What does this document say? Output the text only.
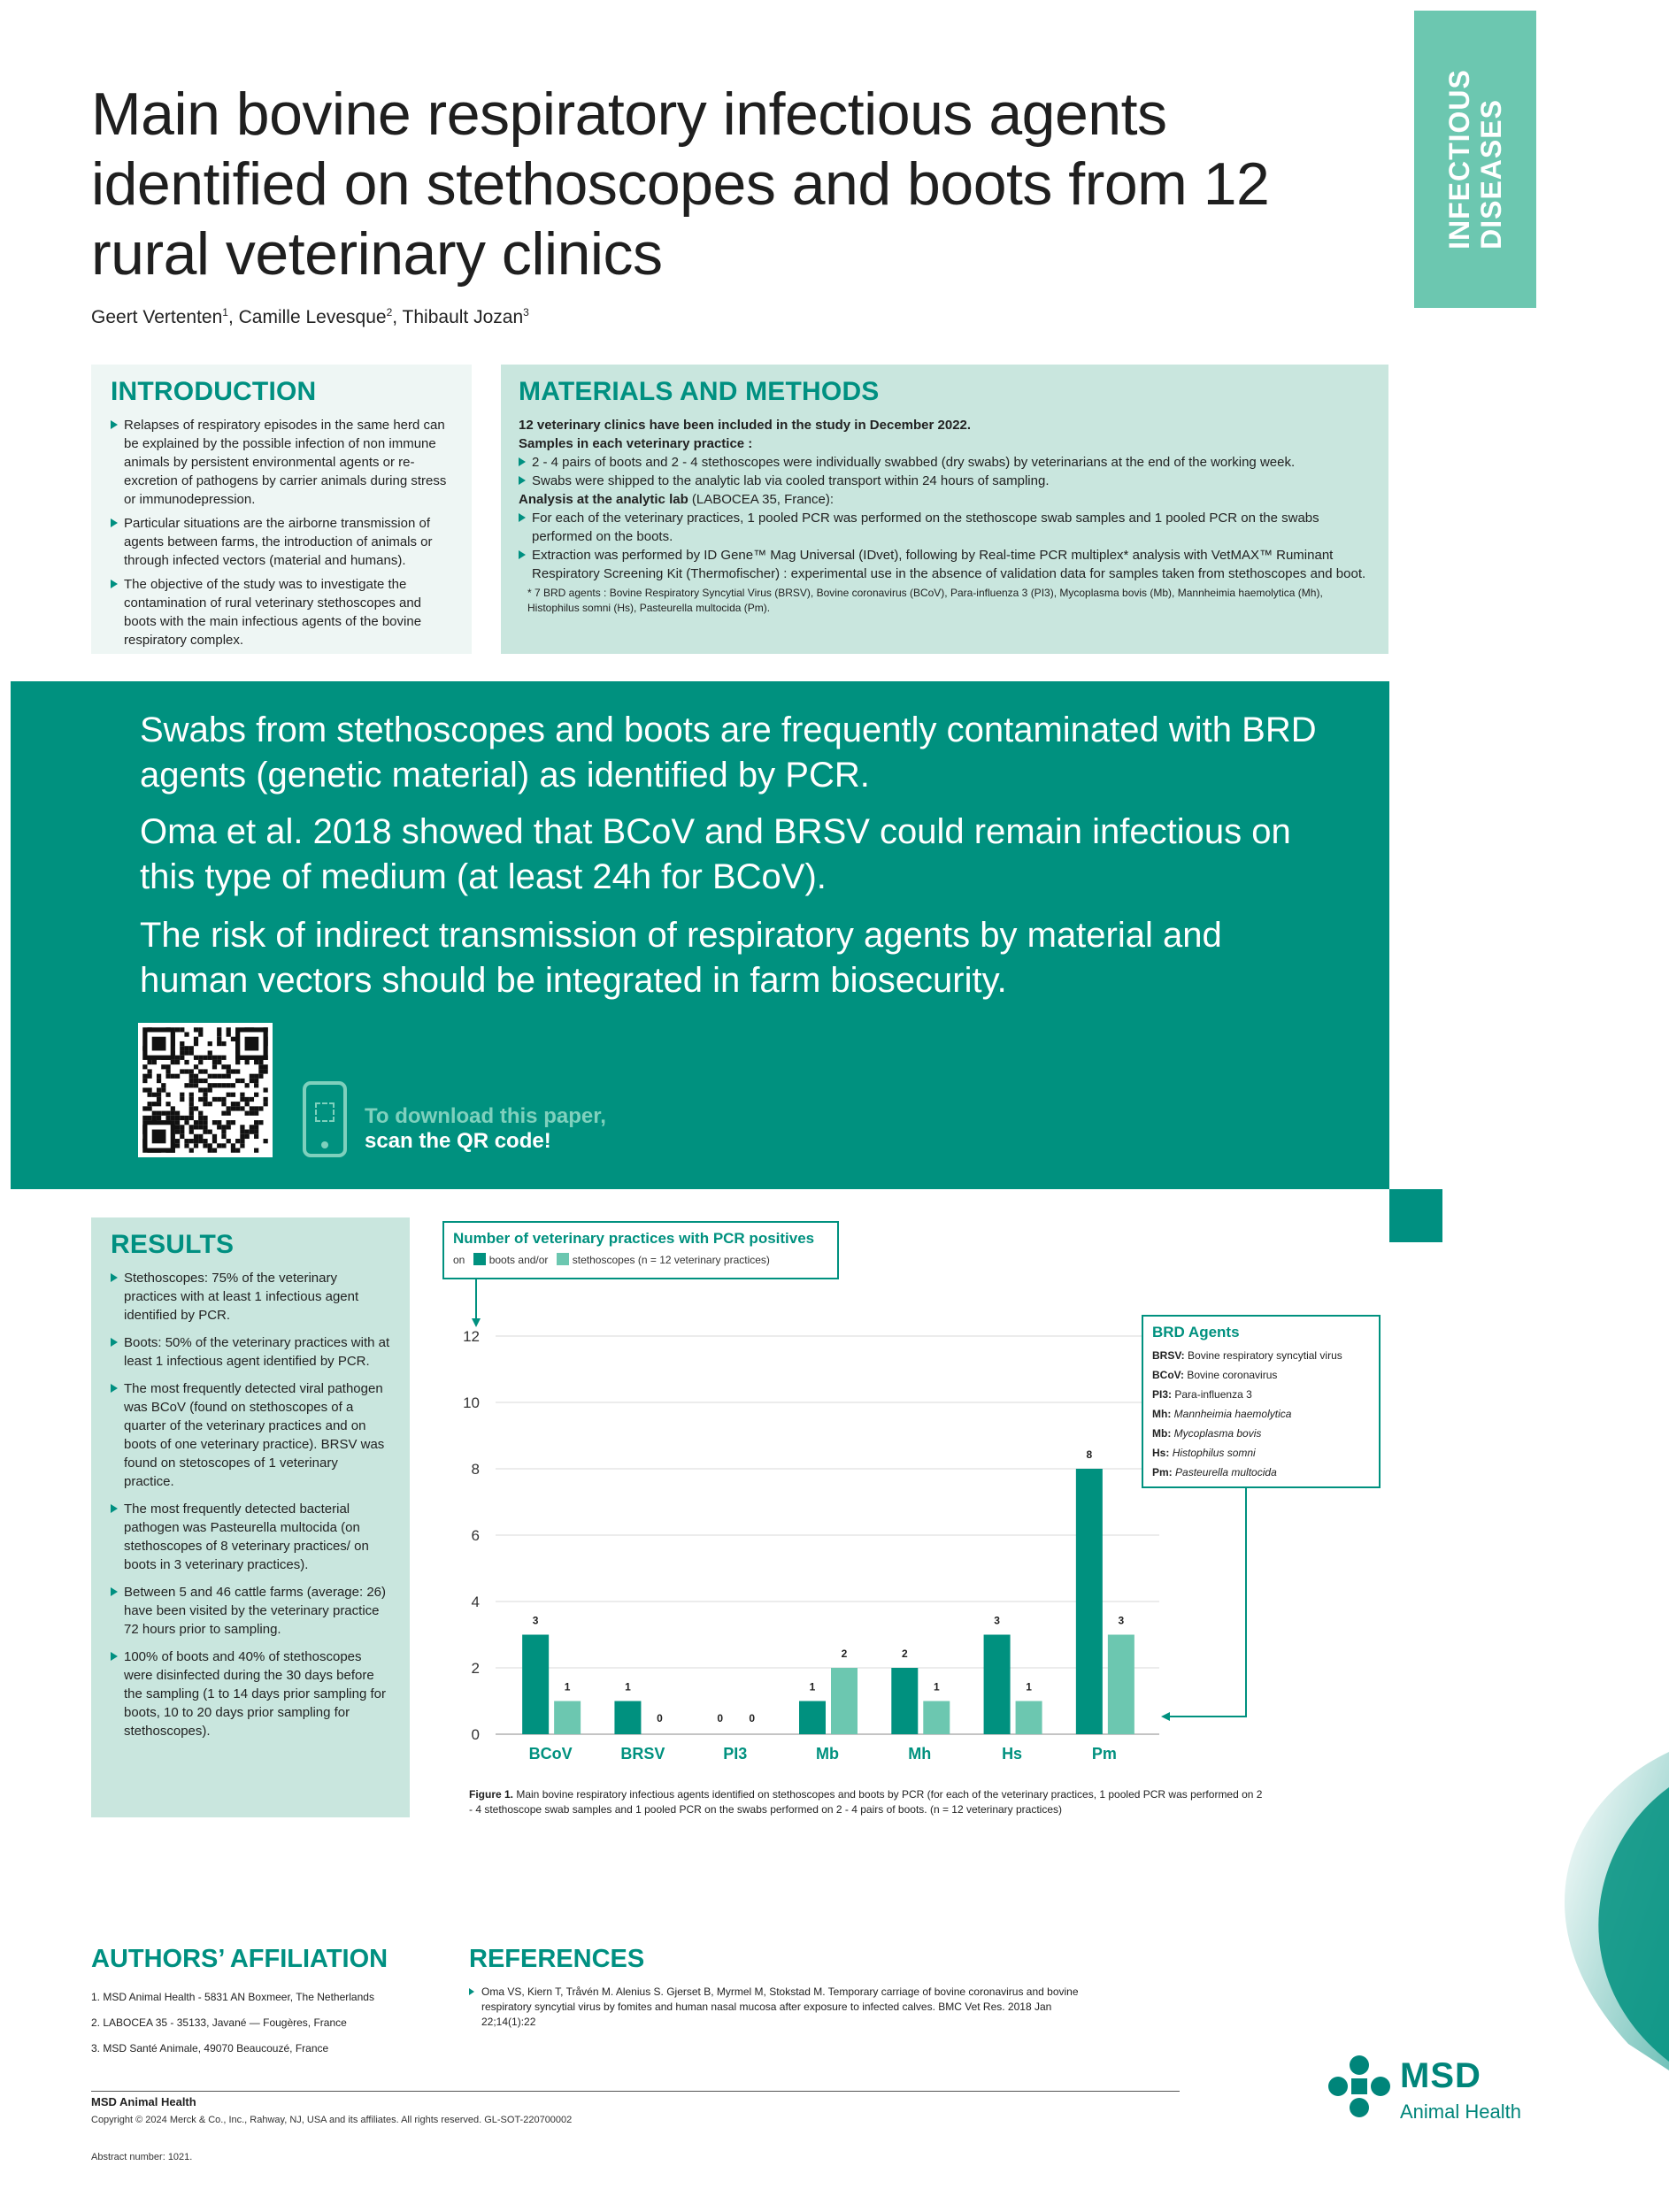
INFECTIOUS DISEASES
Main bovine respiratory infectious agents identified on stethoscopes and boots from 12 rural veterinary clinics
Geert Vertenten$^1$, Camille Levesque$^2$, Thibault Jozan$^3$
INTRODUCTION
Relapses of respiratory episodes in the same herd can be explained by the possible infection of non immune animals by persistent environmental agents or re-excretion of pathogens by carrier animals during stress or immunodepression.
Particular situations are the airborne transmission of agents between farms, the introduction of animals or through infected vectors (material and humans).
The objective of the study was to investigate the contamination of rural veterinary stethoscopes and boots with the main infectious agents of the bovine respiratory complex.
MATERIALS AND METHODS

12 veterinary clinics have been included in the study in December 2022.

Samples in each veterinary practice :

2 - 4 pairs of boots and 2 - 4 stethoscopes were individually swabbed (dry swabs) by veterinarians at the end of the working week.
Swabs were shipped to the analytic lab via cooled transport within 24 hours of sampling.

Analysis at the analytic lab (LABOCEA 35, France):

For each of the veterinary practices, 1 pooled PCR was performed on the stethoscope swab samples and 1 pooled PCR on the swabs performed on the boots.
Extraction was performed by ID Gene™ Mag Universal (IDvet), following by Real-time PCR multiplex* analysis with VetMAX™ Ruminant Respiratory Screening Kit (Thermofischer) : experimental use in the absence of validation data for samples taken from stethoscopes and boot.

* 7 BRD agents : Bovine Respiratory Syncytial Virus (BRSV), Bovine coronavirus (BCoV), Para-influenza 3 (PI3), Mycoplasma bovis (Mb), Mannheimia haemolytica (Mh), Histophilus somni (Hs), Pasteurella multocida (Pm).

Swabs from stethoscopes and boots are frequently contaminated with BRD agents (genetic material) as identified by PCR.

Oma et al. 2018 showed that BCoV and BRSV could remain infectious on this type of medium (at least 24h for BCoV).

The risk of indirect transmission of respiratory agents by material and human vectors should be integrated in farm biosecurity.

To download this paper,
scan the QR code!
RESULTS
Stethoscopes: 75% of the veterinary practices with at least 1 infectious agent identified by PCR.
Boots: 50% of the veterinary practices with at least 1 infectious agent identified by PCR.
The most frequently detected viral pathogen was BCoV (found on stethoscopes of a quarter of the veterinary practices and on boots of one veterinary practice). BRSV was found on stetoscopes of 1 veterinary practice.
The most frequently detected bacterial pathogen was Pasteurella multocida (on stethoscopes of 8 veterinary practices/ on boots in 3 veterinary practices).
Between 5 and 46 cattle farms (average: 26) have been visited by the veterinary practice 72 hours prior to sampling.
100% of boots and 40% of stethoscopes were disinfected during the 30 days before the sampling (1 to 14 days prior sampling for boots, 10 to 20 days prior sampling for stethoscopes).
Number of veterinary practices with PCR positives
on boots and/or stethoscopes (n = 12 veterinary practices)
0
2
4
6
8
10
12
3
1
BCoV
1
0
BRSV
0 0
PI3
1
2
Mb
2
1
Mh
3
1
Hs
8
3
Pm
BRD Agents
BRSV: Bovine respiratory syncytial virus
BCoV: Bovine coronavirus
PI3: Para-influenza 3
Mh: Mannheimia haemolytica
Mb: Mycoplasma bovis
Hs: Histophilus somni
Pm: Pasteurella multocida

Figure 1. Main bovine respiratory infectious agents identified on stethoscopes and boots by PCR (for each of the veterinary practices, 1 pooled PCR was performed on 2 - 4 stethoscope swab samples and 1 pooled PCR on the swabs performed on 2 - 4 pairs of boots. (n = 12 veterinary practices)

AUTHORS’ AFFILIATION
1. MSD Animal Health - 5831 AN Boxmeer, The Netherlands
2. LABOCEA 35 - 35133, Javané — Fougères, France
3. MSD Santé Animale, 49070 Beaucouzé, France
REFERENCES

Oma VS, Kiern T, Tråvén M. Alenius S. Gjerset B, Myrmel M, Stokstad M. Temporary carriage of bovine coronavirus and bovine respiratory syncytial virus by fomites and human nasal mucosa after exposure to infected calves. BMC Vet Res. 2018 Jan 22;14(1):22

MSD Animal Health
Copyright © 2024 Merck & Co., Inc., Rahway, NJ, USA and its affiliates. All rights reserved. GL-SOT-220700002
Abstract number: 1021.
MSD
Animal Health
